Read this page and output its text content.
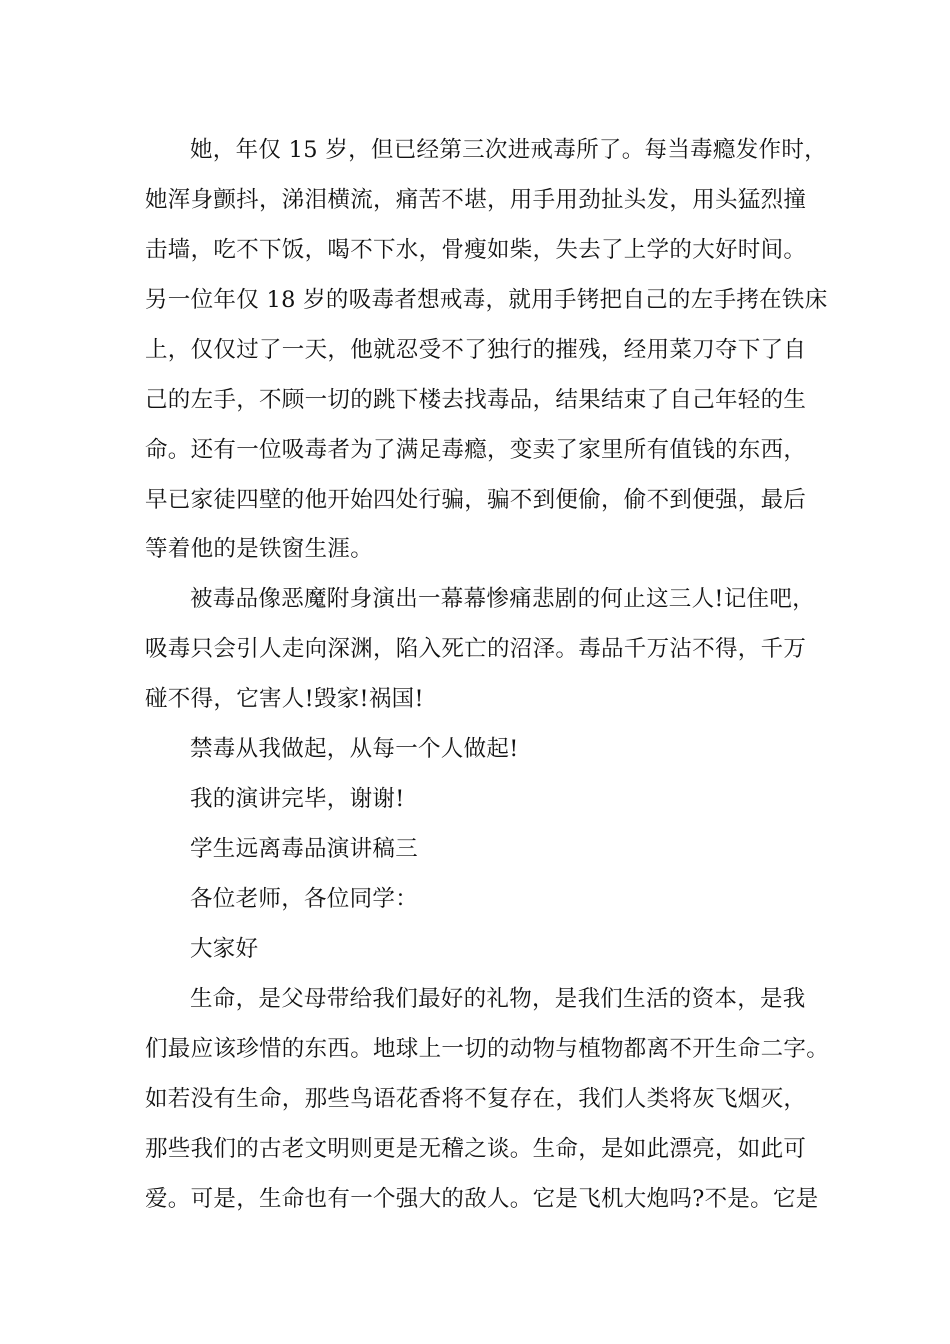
她，年仅 15 岁，但已经第三次进戒毒所了。每当毒瘾发作时，
她浑身颤抖，涕泪横流，痛苦不堪，用手用劲扯头发，用头猛烈撞
击墙，吃不下饭，喝不下水，骨瘦如柴，失去了上学的大好时间。
另一位年仅 18 岁的吸毒者想戒毒，就用手铐把自己的左手拷在铁床
上，仅仅过了一天，他就忍受不了独行的摧残，经用菜刀夺下了自
己的左手，不顾一切的跳下楼去找毒品，结果结束了自己年轻的生
命。还有一位吸毒者为了满足毒瘾，变卖了家里所有值钱的东西，
早已家徒四壁的他开始四处行骗，骗不到便偷，偷不到便强，最后
等着他的是铁窗生涯。
被毒品像恶魔附身演出一幕幕惨痛悲剧的何止这三人!记住吧，
吸毒只会引人走向深渊，陷入死亡的沼泽。毒品千万沾不得，千万
碰不得，它害人!毁家!祸国!
禁毒从我做起，从每一个人做起!
我的演讲完毕，谢谢!
学生远离毒品演讲稿三
各位老师，各位同学：
大家好
生命，是父母带给我们最好的礼物，是我们生活的资本，是我
们最应该珍惜的东西。地球上一切的动物与植物都离不开生命二字。
如若没有生命，那些鸟语花香将不复存在，我们人类将灰飞烟灭，
那些我们的古老文明则更是无稽之谈。生命，是如此漂亮，如此可
爱。可是，生命也有一个强大的敌人。它是飞机大炮吗?不是。它是
